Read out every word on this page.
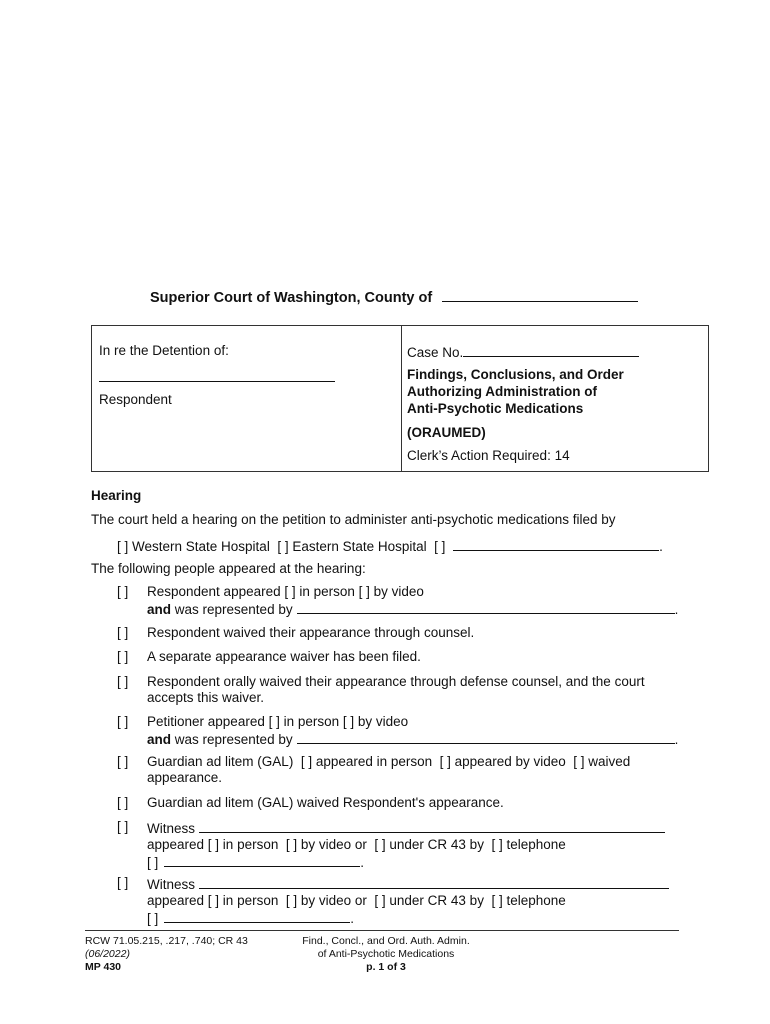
Superior Court of Washington, County of
In re the Detention of:
Respondent
Case No.
Findings, Conclusions, and Order
Authorizing Administration of
Anti-Psychotic Medications
(ORAUMED)
Clerk’s Action Required: 14
Hearing
The court held a hearing on the petition to administer anti-psychotic medications filed by
[ ] Western State Hospital  [ ] Eastern State Hospital  [ ]	.
The following people appeared at the hearing:
[ ] Respondent appeared [ ] in person [ ] by video
and was represented by	.
[ ] Respondent waived their appearance through counsel.
[ ] A separate appearance waiver has been filed.
[ ] Respondent orally waived their appearance through defense counsel, and the court
accepts this waiver.
[ ] Petitioner appeared [ ] in person [ ] by video
and was represented by	.
[ ] Guardian ad litem (GAL)  [ ] appeared in person  [ ] appeared by video  [ ] waived
appearance.
[ ] Guardian ad litem (GAL) waived Respondent's appearance.
[ ] Witness
appeared [ ] in person  [ ] by video or  [ ] under CR 43 by  [ ] telephone
[ ]	.
[ ] Witness
appeared [ ] in person  [ ] by video or  [ ] under CR 43 by  [ ] telephone
[ ]	.
RCW 71.05.215, .217, .740; CR 43
(06/2022)
MP 430
Find., Concl., and Ord. Auth. Admin.
of Anti-Psychotic Medications
p. 1 of 3
